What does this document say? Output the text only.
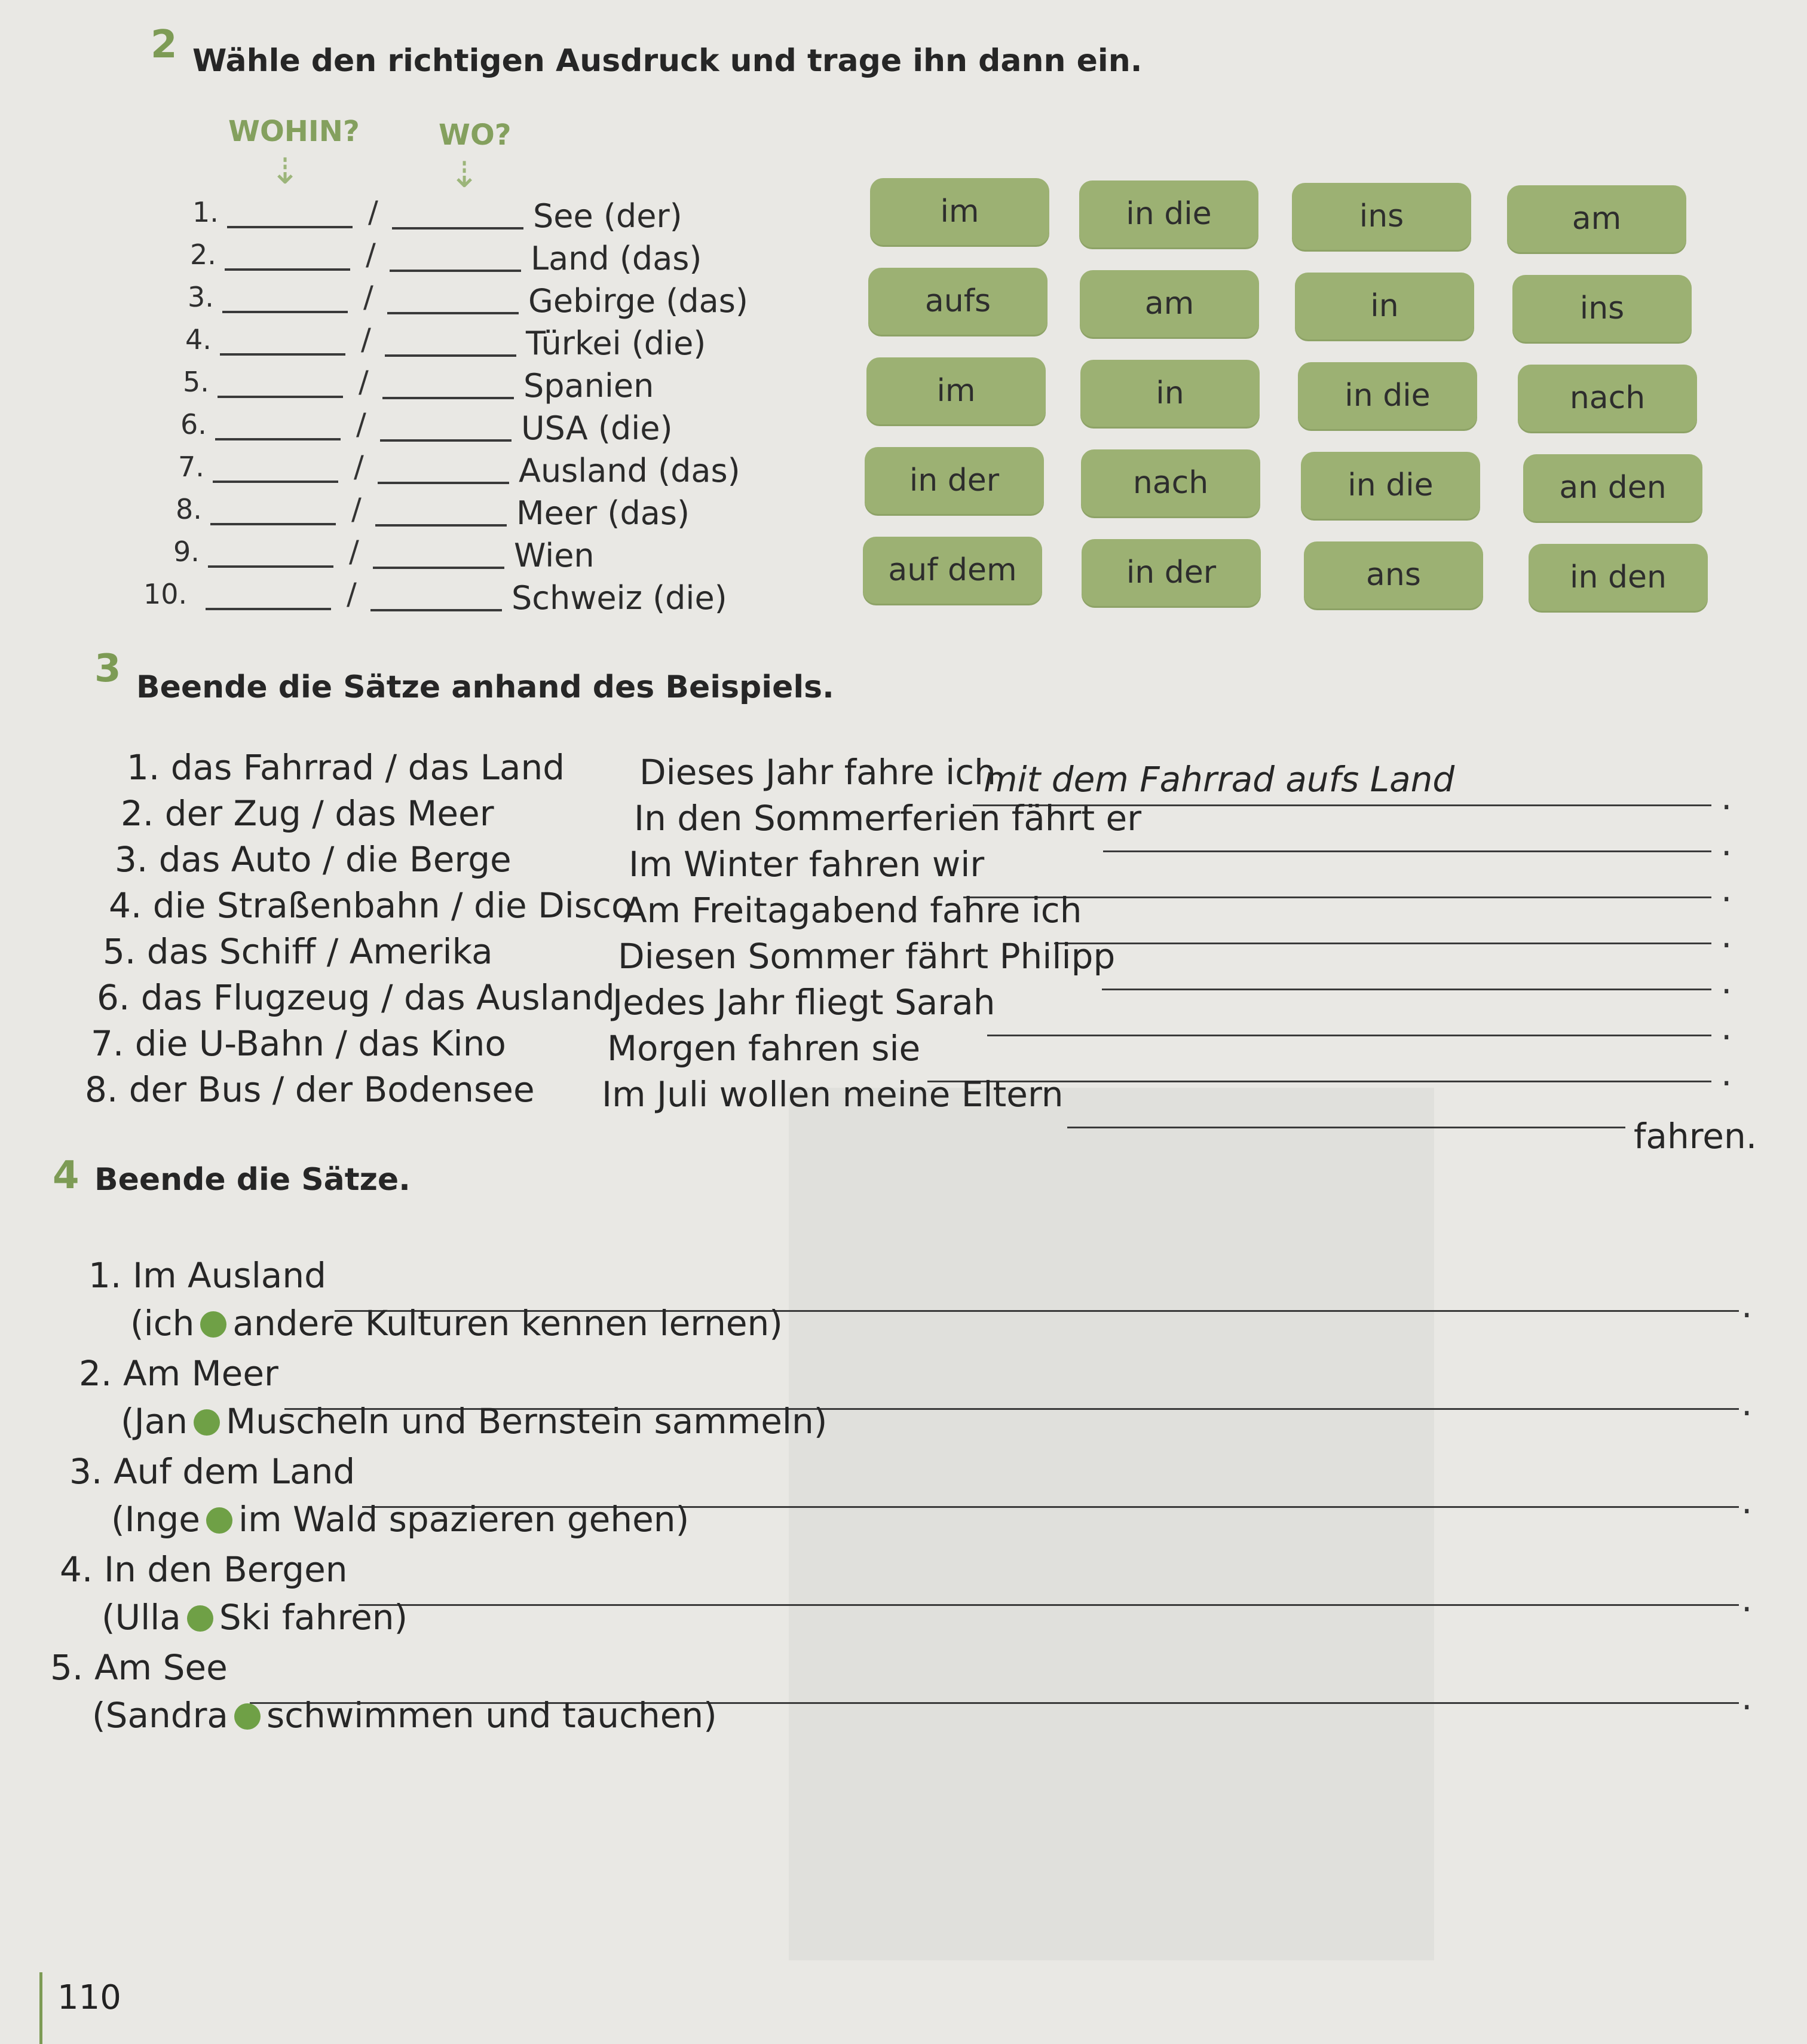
2 Wähle den richtigen Ausdruck und trage ihn dann ein.
WOHIN?	WO?
⇣	⇣
1.	/	See (der)
2.	/	Land (das)
3.	/	Gebirge (das)
4.	/	Türkei (die)
5.	/	Spanien
6.	/	USA (die)
7.	/	Ausland (das)
8.	/	Meer (das)
9.	/	Wien
10.	/	Schweiz (die)
im	in die	ins	am
aufs	am	in	ins
im	in	in die	nach
in der	nach	in die	an den
auf dem	in der	ans	in den
3 Beende die Sätze anhand des Beispiels.
1. das Fahrrad / das Land Dieses Jahr fahre ich
mit dem Fahrrad aufs Land	.
2. der Zug / das Meer	In den Sommerferien fährt er
.
3. das Auto / die Berge	Im Winter fahren wir
.
4. die Straßenbahn / die Disco
Am Freitagabend fahre ich
.
5. das Schiff / Amerika	Diesen Sommer fährt Philipp
.
6. das Flugzeug / das Ausland
Jedes Jahr fliegt Sarah
.
7. die U-Bahn / das Kino	Morgen fahren sie
.
8. der Bus / der Bodensee Im Juli wollen meine Eltern
fahren.
4 Beende die Sätze.
1. Im Ausland
.
(ich andere Kulturen kennen lernen)
2. Am Meer
.
(Jan Muscheln und Bernstein sammeln)
3. Auf dem Land
.
(Inge im Wald spazieren gehen)
4. In den Bergen
.
(Ulla Ski fahren)
5. Am See
.
(Sandra schwimmen und tauchen)
110
